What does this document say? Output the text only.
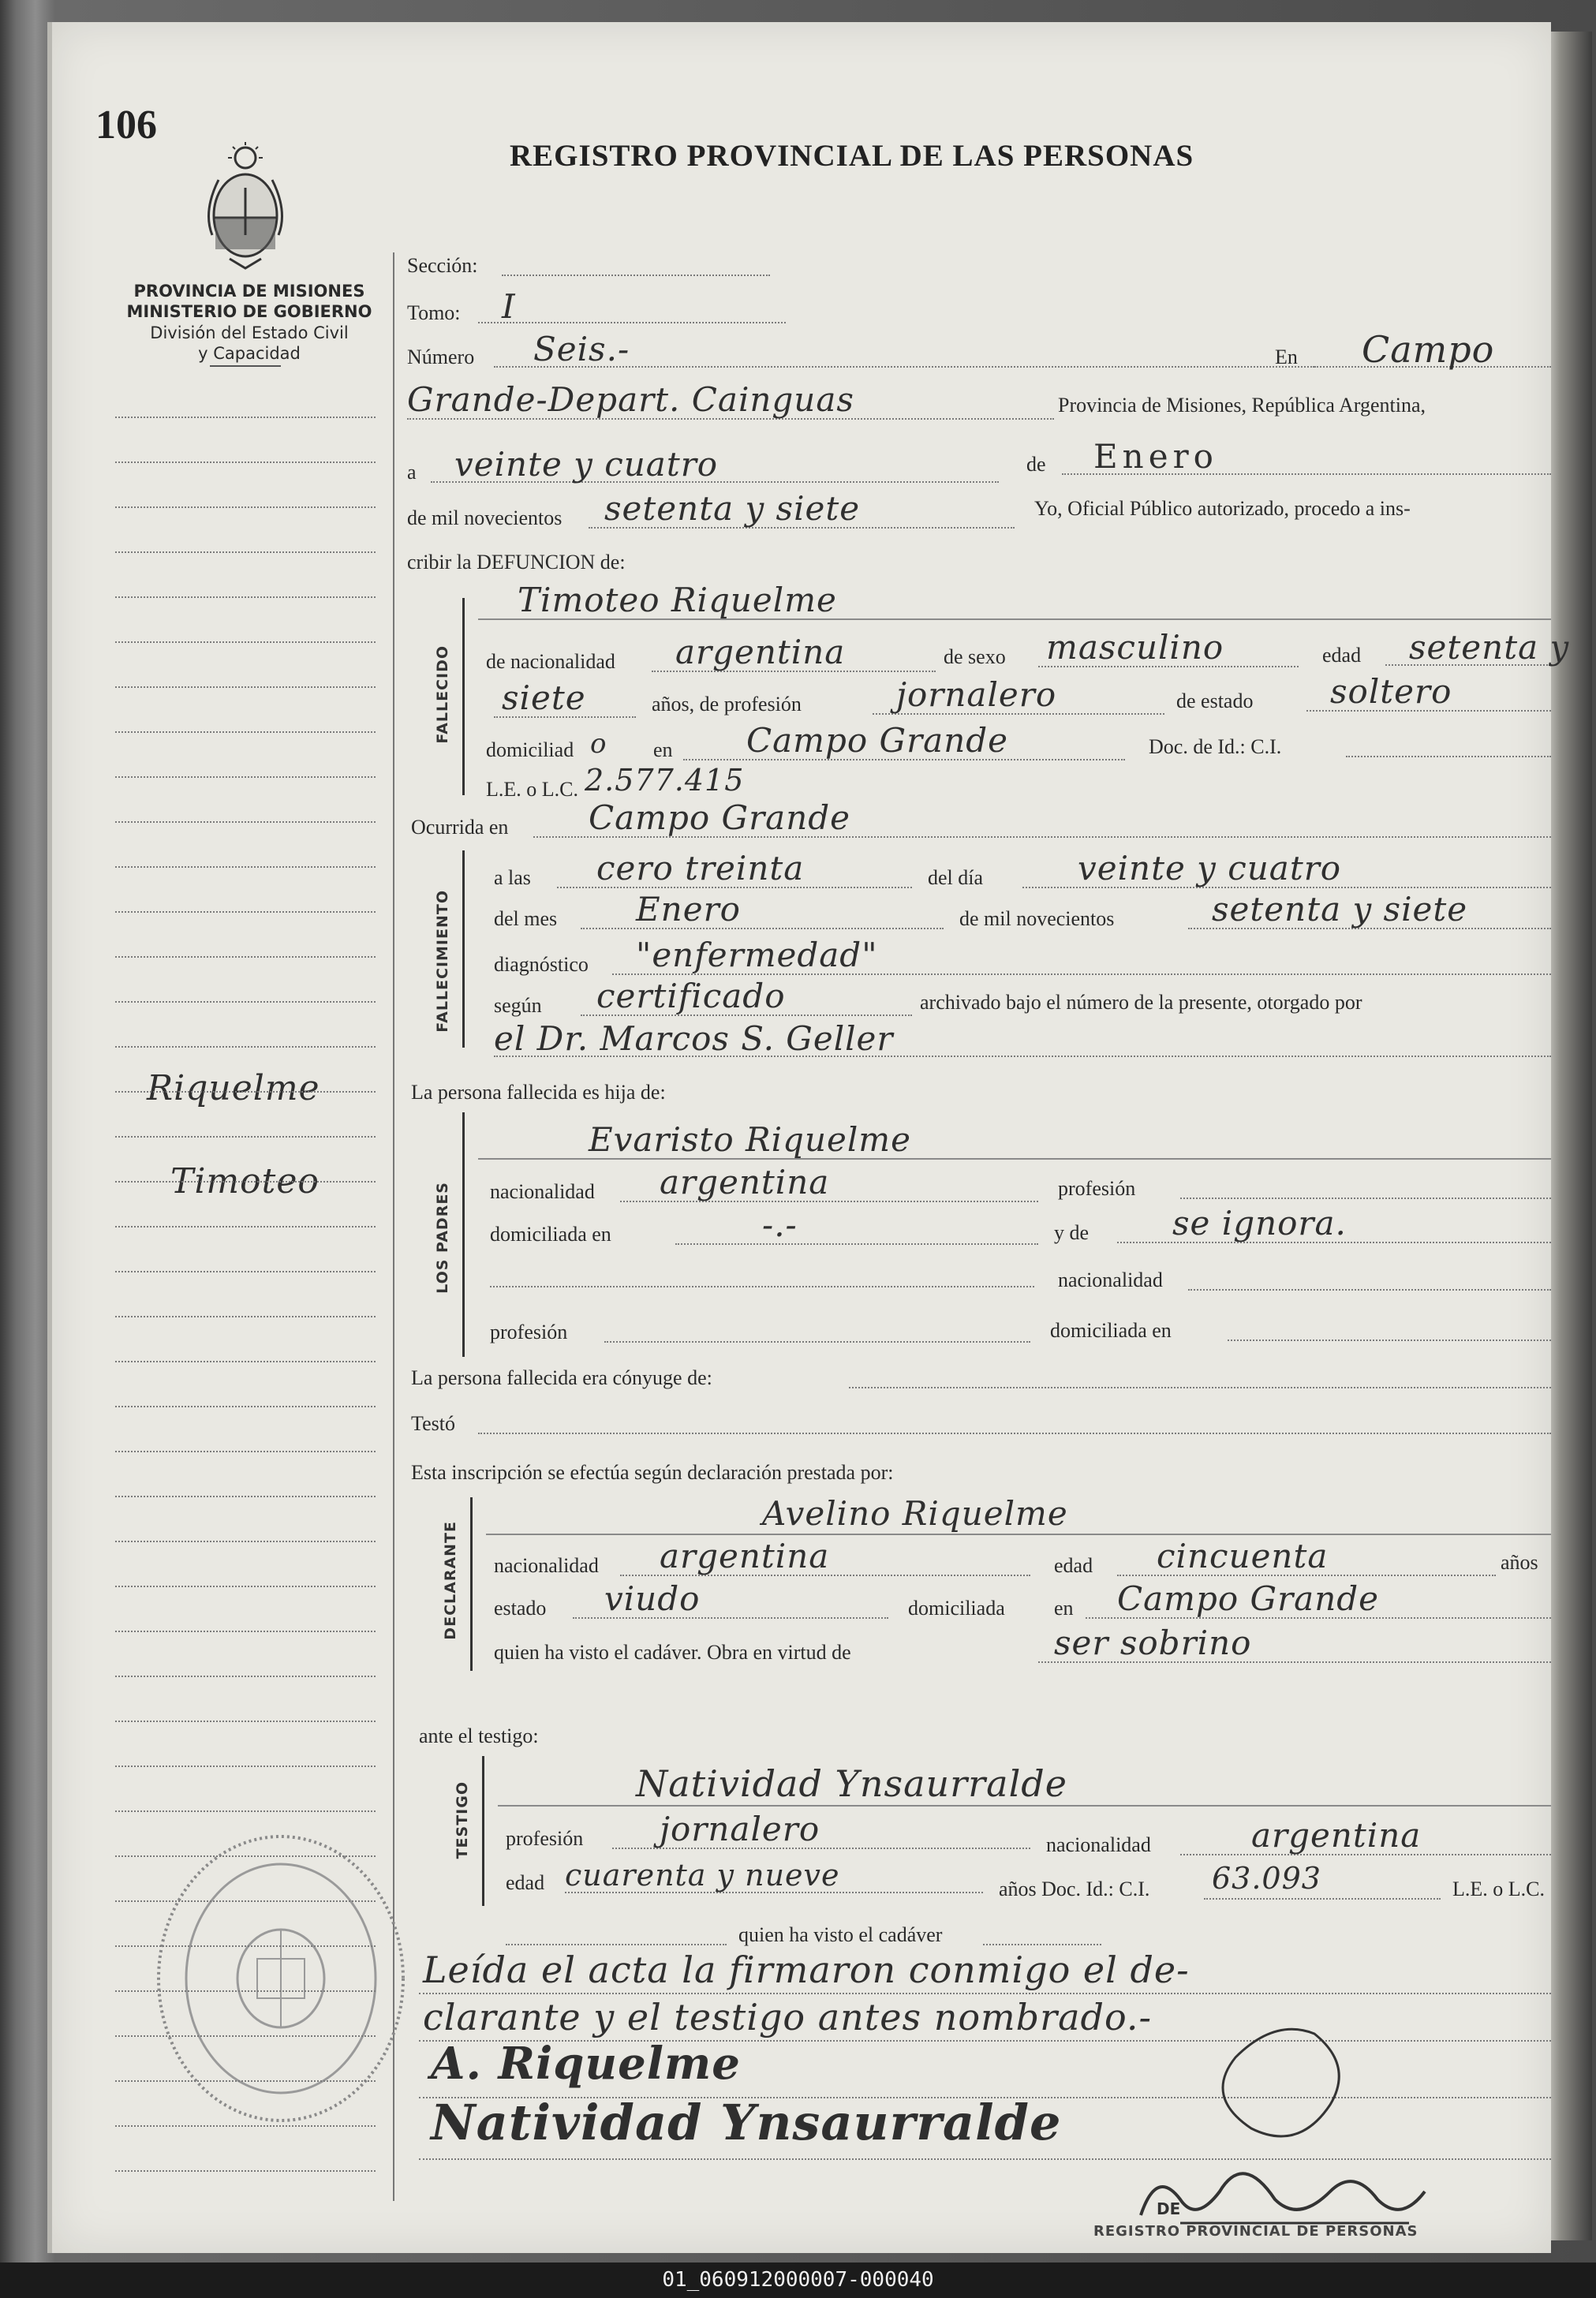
106
PROVINCIA DE MISIONES
MINISTERIO DE GOBIERNO
División del Estado Civil
y Capacidad
REGISTRO PROVINCIAL DE LAS PERSONAS
Riquelme
Timoteo
Sección:
Tomo: I
Número Seis.-	En Campo
Grande-Depart. Cainguas	Provincia de Misiones, República Argentina,
a veinte y cuatro	de Enero
de mil novecientos setenta y siete	Yo, Oficial Público autorizado, procedo a ins-
cribir la DEFUNCION de:
FALLECIDO
Timoteo Riquelme
de nacionalidad argentina	de sexo masculino	edad setenta y
siete	años, de profesión	jornalero	de estado soltero
domiciliad o en Campo Grande	Doc. de Id.: C.I.
L.E. o L.C. 2.577.415
Ocurrida en Campo Grande
FALLECIMIENTO
a las cero treinta	del día	veinte y cuatro
del mes Enero	de mil novecientos	setenta y siete
diagnóstico "enfermedad"
según certificado	archivado bajo el número de la presente, otorgado por
el Dr. Marcos S. Geller
La persona fallecida es hija de:
LOS PADRES
Evaristo Riquelme
nacionalidad argentina	profesión
domiciliada en	-.-	y de	se ignora.
nacionalidad
profesión	domiciliada en
La persona fallecida era cónyuge de:
Testó
Esta inscripción se efectúa según declaración prestada por:
DECLARANTE
Avelino Riquelme
nacionalidad argentina	edad cincuenta	años
estado viudo	domiciliada en Campo Grande
quien ha visto el cadáver. Obra en virtud de	ser sobrino
ante el testigo:
TESTIGO	Natividad Ynsaurralde
profesión jornalero	nacionalidad	argentina
edad cuarenta y nueve	años Doc. Id.: C.I. 63.093	L.E. o L.C.
quien ha visto el cadáver
Leída el acta la firmaron conmigo el de-
clarante y el testigo antes nombrado.-
A. Riquelme
Natividad Ynsaurralde
DE
REGISTRO PROVINCIAL DE PERSONAS
01_060912000007-000040
